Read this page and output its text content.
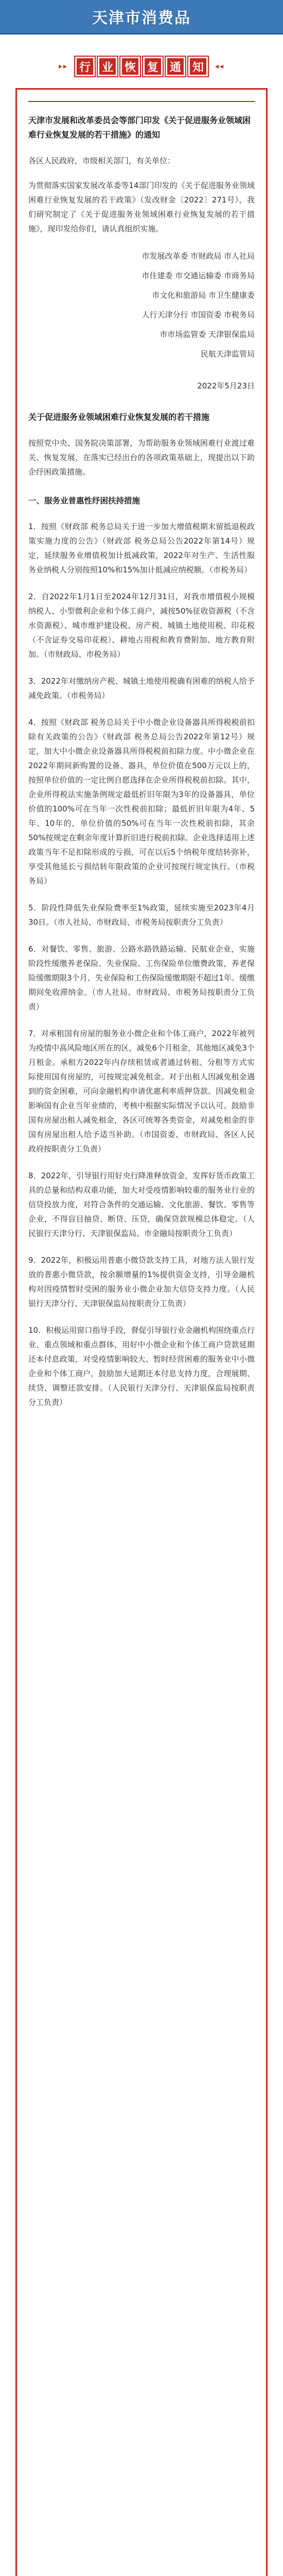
天津市消费品
▸▸ 行 业 恢 复 通 知	◂◂
天津市发展和改革委员会等部门印发《关于促进服务业领域困难行业恢复发展的若干措施》的通知

各区人民政府，市级相关部门，有关单位：

为贯彻落实国家发展改革委等14部门印发的《关于促进服务业领域困难行业恢复发展的若干政策》（发改财金〔2022〕271号），我们研究制定了《关于促进服务业领域困难行业恢复发展的若干措施》，现印发给你们，请认真组织实施。

市发展改革委 市财政局 市人社局

市住建委 市交通运输委 市商务局

市文化和旅游局 市卫生健康委

人行天津分行 市国资委 市税务局

市市场监管委 天津银保监局

民航天津监管局

2022年5月23日

关于促进服务业领域困难行业恢复发展的若干措施

按照党中央、国务院决策部署，为帮助服务业领域困难行业渡过难关、恢复发展，在落实已经出台的各项政策基础上，现提出以下助企纾困政策措施。

一、服务业普惠性纾困扶持措施

1．按照《财政部 税务总局关于进一步加大增值税期末留抵退税政策实施力度的公告》（财政部 税务总局公告2022年第14号）规定，延续服务业增值税加计抵减政策，2022年对生产、生活性服务业纳税人分别按照10%和15%加计抵减应纳税额。（市税务局）

2．自2022年1月1日至2024年12月31日，对我市增值税小规模纳税人、小型微利企业和个体工商户，减按50%征收资源税（不含水资源税）、城市维护建设税、房产税、城镇土地使用税、印花税（不含证券交易印花税）、耕地占用税和教育费附加、地方教育附加。（市财政局、市税务局）

3．2022年对缴纳房产税、城镇土地使用税确有困难的纳税人给予减免政策。（市税务局）

4．按照《财政部 税务总局关于中小微企业设备器具所得税税前扣除有关政策的公告》（财政部 税务总局公告2022年第12号）规定，加大中小微企业设备器具所得税税前扣除力度。中小微企业在2022年期间新购置的设备、器具，单位价值在500万元以上的，按照单位价值的一定比例自愿选择在企业所得税税前扣除。其中，企业所得税法实施条例规定最低折旧年限为3年的设备器具，单位价值的100%可在当年一次性税前扣除；最低折旧年限为4年、5年、10年的，单位价值的50%可在当年一次性税前扣除，其余50%按规定在剩余年度计算折旧进行税前扣除。企业选择适用上述政策当年不足扣除形成的亏损，可在以后5个纳税年度结转弥补，享受其他延长亏损结转年限政策的企业可按现行规定执行。（市税务局）

5．阶段性降低失业保险费率至1%政策，延续实施至2023年4月30日。（市人社局、市财政局、市税务局按职责分工负责）

6．对餐饮、零售、旅游、公路水路铁路运输、民航业企业，实施阶段性缓缴养老保险、失业保险、工伤保险单位缴费政策，养老保险缓缴期限3个月、失业保险和工伤保险缓缴期限不超过1年。缓缴期间免收滞纳金。（市人社局、市财政局、市税务局按职责分工负责）

7．对承租国有房屋的服务业小微企业和个体工商户，2022年被列为疫情中高风险地区所在的区，减免6个月租金，其他地区减免3个月租金。承租方2022年内存续租赁或者通过转租、分租等方式实际使用国有房屋的，可按规定减免租金。对于出租人因减免租金遇到的资金困难，可向金融机构申请优惠利率质押贷款。因减免租金影响国有企业当年业绩的，考核中根据实际情况予以认可。鼓励非国有房屋出租人减免租金，各区可统筹各类资金，对减免租金的非国有房屋出租人给予适当补助。（市国资委、市财政局、各区人民政府按职责分工负责）

8．2022年，引导银行用好央行降准释放资金，发挥好货币政策工具的总量和结构双重功能，加大对受疫情影响较重的服务业行业的信贷投放力度，对符合条件的交通运输、文化旅游、餐饮、零售等企业，不得盲目抽贷、断贷、压贷，确保贷款规模总体稳定。（人民银行天津分行、天津银保监局、市金融局按职责分工负责）

9．2022年，积极运用普惠小微贷款支持工具，对地方法人银行发放的普惠小微贷款，按余额增量的1%提供资金支持，引导金融机构对因疫情暂时受困的服务业小微企业加大信贷支持力度。（人民银行天津分行、天津银保监局按职责分工负责）

10．积极运用窗口指导手段，督促引导银行业金融机构围绕重点行业、重点领域和重点群体，用好中小微企业和个体工商户贷款延期还本付息政策，对受疫情影响较大、暂时经营困难的服务业中小微企业和个体工商户，鼓励加大延期还本付息支持力度，合理展期、续贷、调整还款安排。（人民银行天津分行、天津银保监局按职责分工负责）
